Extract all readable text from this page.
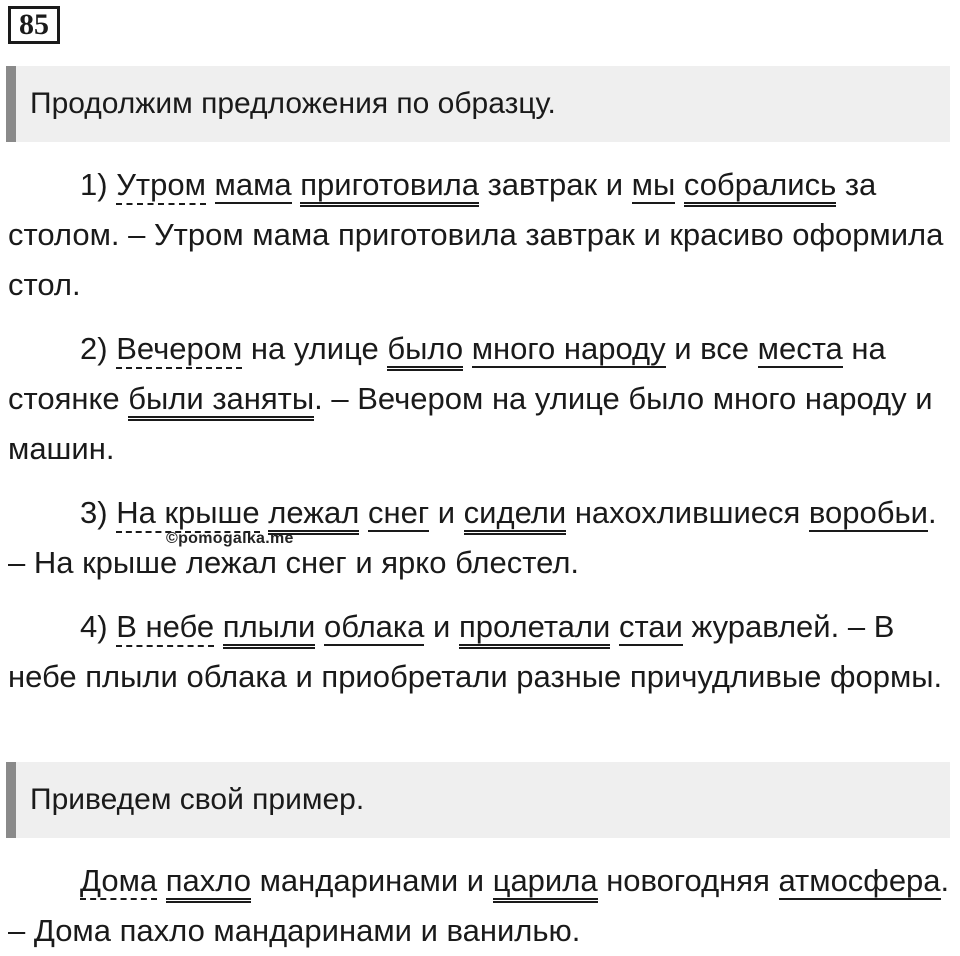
85
Продолжим предложения по образцу.
1) Утром мама приготовила завтрак и мы собрались за столом. – Утром мама приготовила завтрак и красиво оформила стол.
2) Вечером на улице было много народу и все места на стоянке были заняты. – Вечером на улице было много народу и машин.
3) На крыше лежал снег и сидели нахохлившиеся воробьи. – На крыше лежал снег и ярко блестел.
©pomogalka.me
4) В небе плыли облака и пролетали стаи журавлей. – В небе плыли облака и приобретали разные причудливые формы.
Приведем свой пример.
Дома пахло мандаринами и царила новогодняя атмосфера. – Дома пахло мандаринами и ванилью.
